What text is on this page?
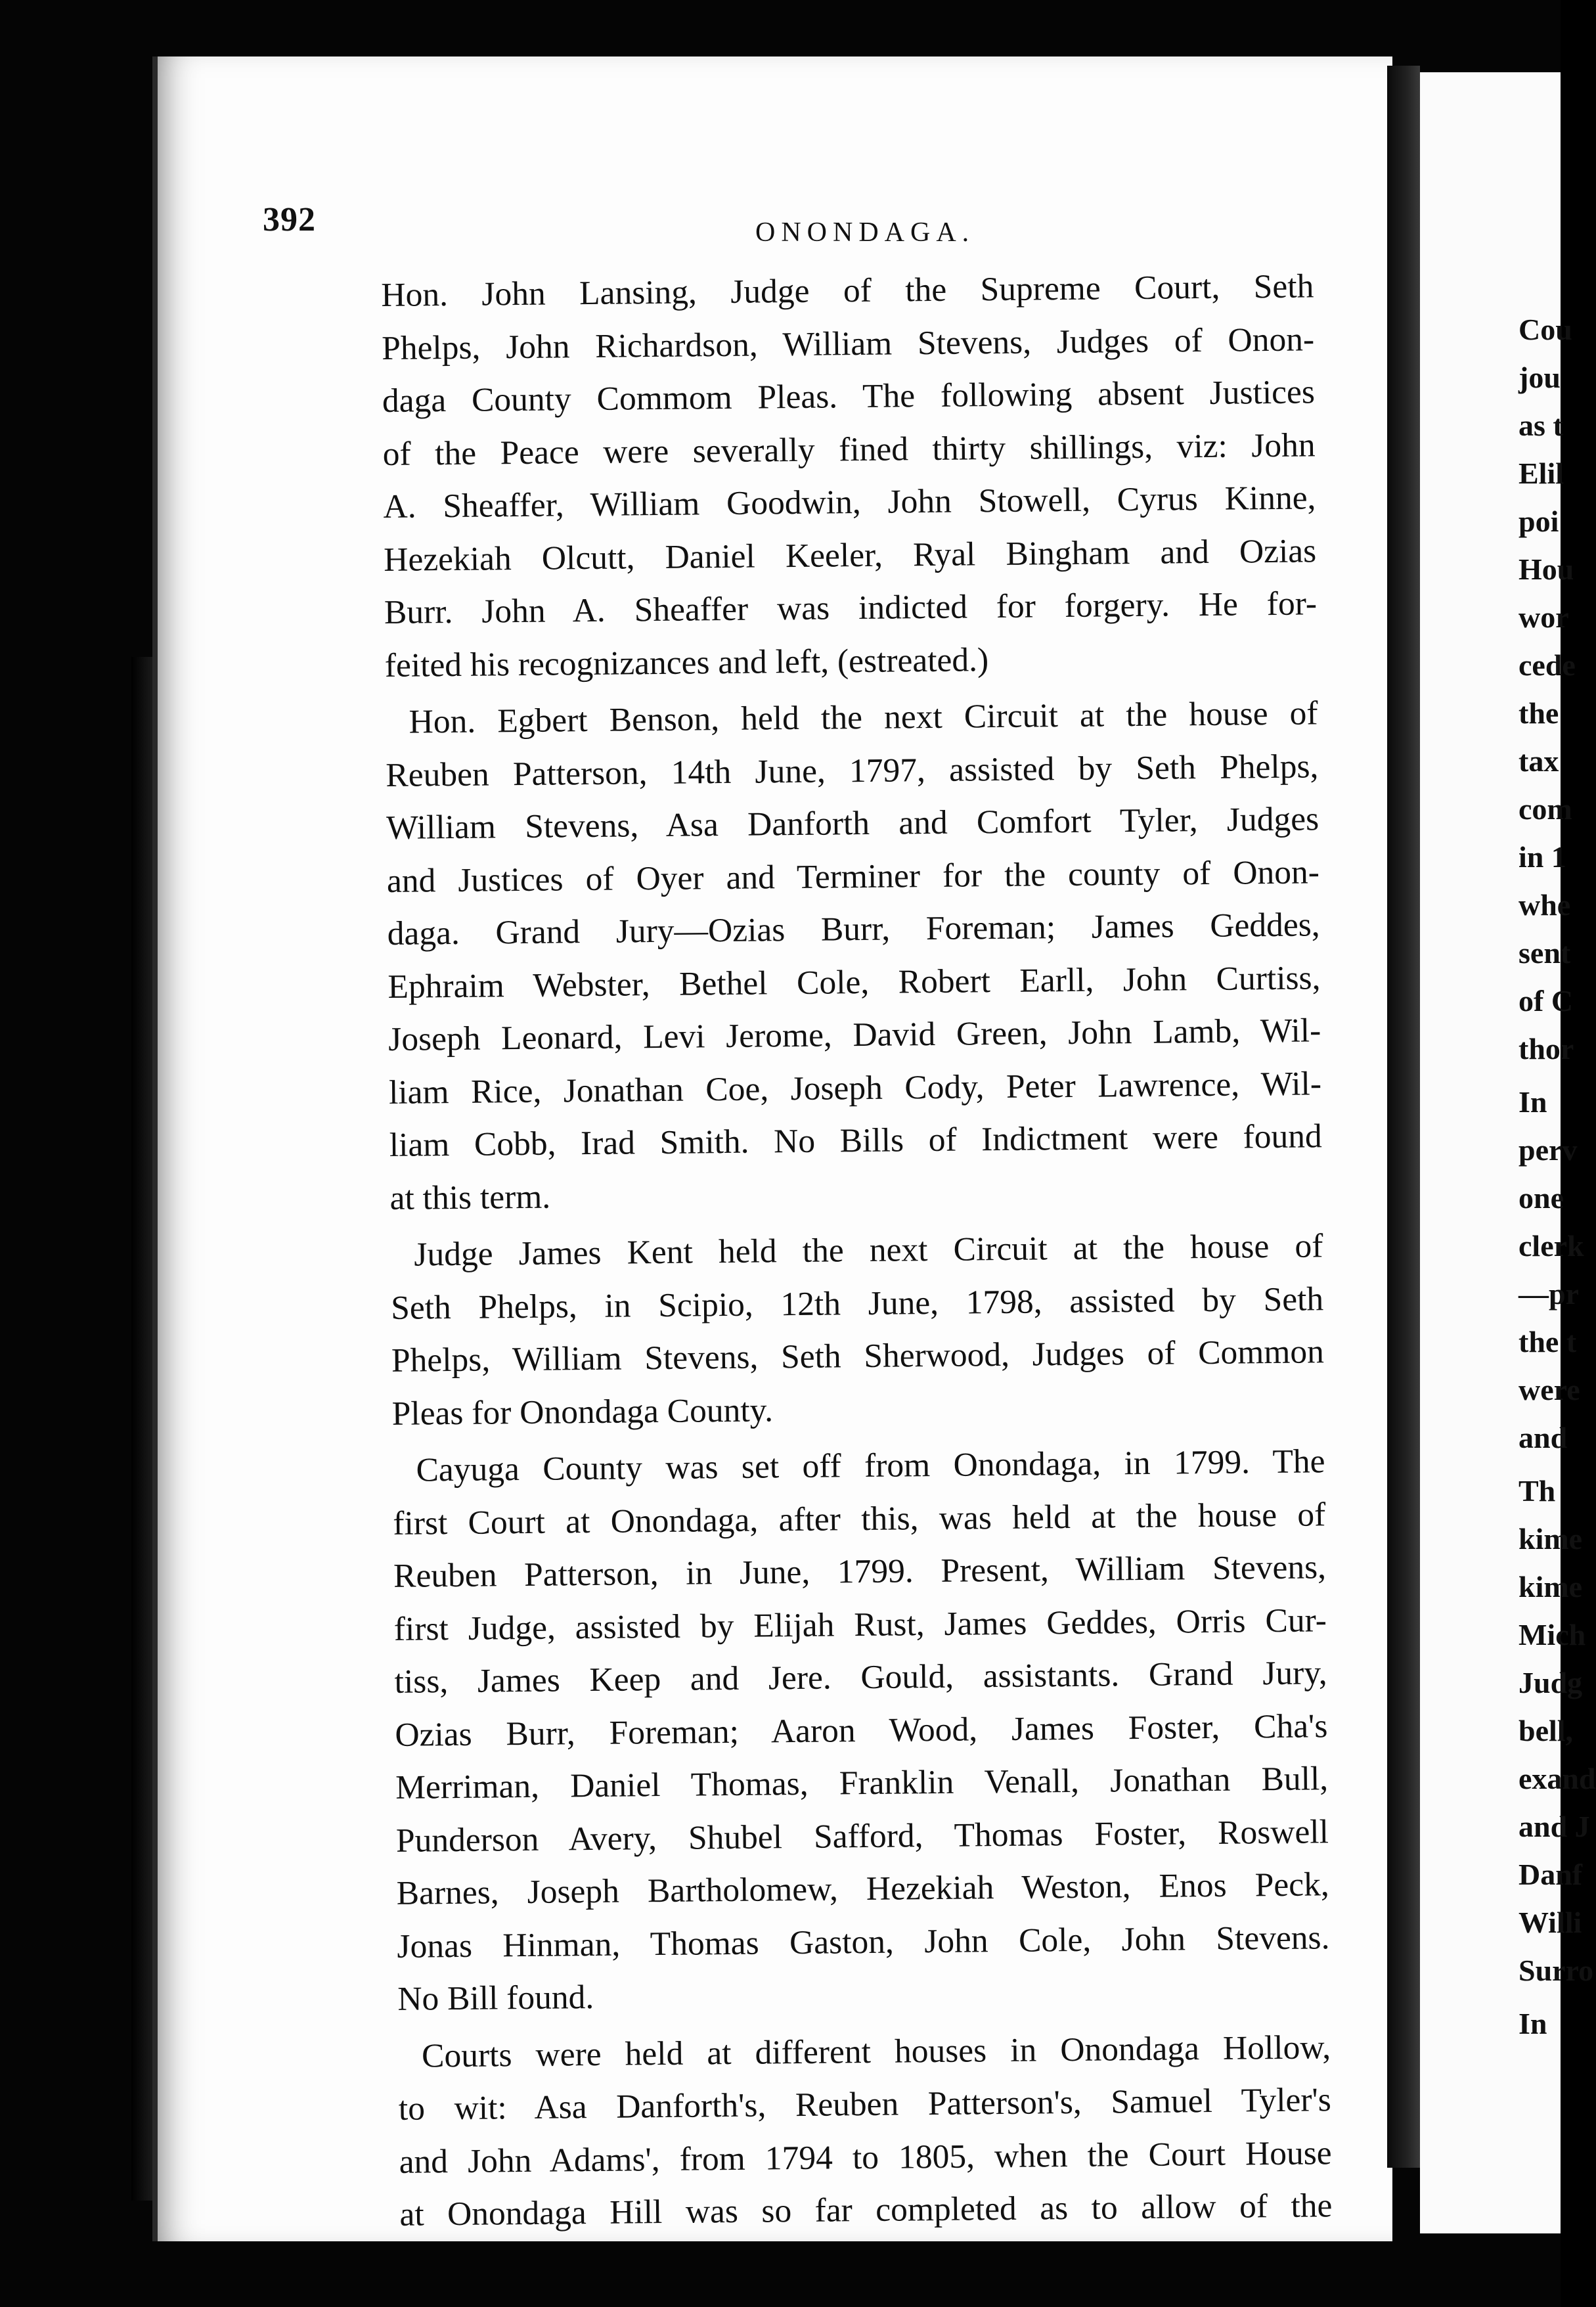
392	ONONDAGA.
Hon. John Lansing, Judge of the Supreme Court, Seth
Phelps, John Richardson, William Stevens, Judges of Onon-
daga County Commom Pleas. The following absent Justices
of the Peace were severally fined thirty shillings, viz: John
A. Sheaffer, William Goodwin, John Stowell, Cyrus Kinne,
Hezekiah Olcutt, Daniel Keeler, Ryal Bingham and Ozias
Burr. John A. Sheaffer was indicted for forgery. He for-
feited his recognizances and left, (estreated.)
Hon. Egbert Benson, held the next Circuit at the house of
Reuben Patterson, 14th June, 1797, assisted by Seth Phelps,
William Stevens, Asa Danforth and Comfort Tyler, Judges
and Justices of Oyer and Terminer for the county of Onon-
daga. Grand Jury—Ozias Burr, Foreman; James Geddes,
Ephraim Webster, Bethel Cole, Robert Earll, John Curtiss,
Joseph Leonard, Levi Jerome, David Green, John Lamb, Wil-
liam Rice, Jonathan Coe, Joseph Cody, Peter Lawrence, Wil-
liam Cobb, Irad Smith. No Bills of Indictment were found
at this term.
Judge James Kent held the next Circuit at the house of
Seth Phelps, in Scipio, 12th June, 1798, assisted by Seth
Phelps, William Stevens, Seth Sherwood, Judges of Common
Pleas for Onondaga County.
Cayuga County was set off from Onondaga, in 1799. The
first Court at Onondaga, after this, was held at the house of
Reuben Patterson, in June, 1799. Present, William Stevens,
first Judge, assisted by Elijah Rust, James Geddes, Orris Cur-
tiss, James Keep and Jere. Gould, assistants. Grand Jury,
Ozias Burr, Foreman; Aaron Wood, James Foster, Cha's
Merriman, Daniel Thomas, Franklin Venall, Jonathan Bull,
Punderson Avery, Shubel Safford, Thomas Foster, Roswell
Barnes, Joseph Bartholomew, Hezekiah Weston, Enos Peck,
Jonas Hinman, Thomas Gaston, John Cole, John Stevens.
No Bill found.
Courts were held at different houses in Onondaga Hollow,
to wit: Asa Danforth's, Reuben Patterson's, Samuel Tyler's
and John Adams', from 1794 to 1805, when the Court House
at Onondaga Hill was so far completed as to allow of the
Cou
jou
as t
Elil
poi
Hou
wor
cede
the
tax
com
in 1
whe
sent
of C
thor
In
perv
one
clerk
—pr
the t
were
and
Th
kime
kime
Mich
Judg
bell,
exand
and J
Danf
Willi
Surro
In
